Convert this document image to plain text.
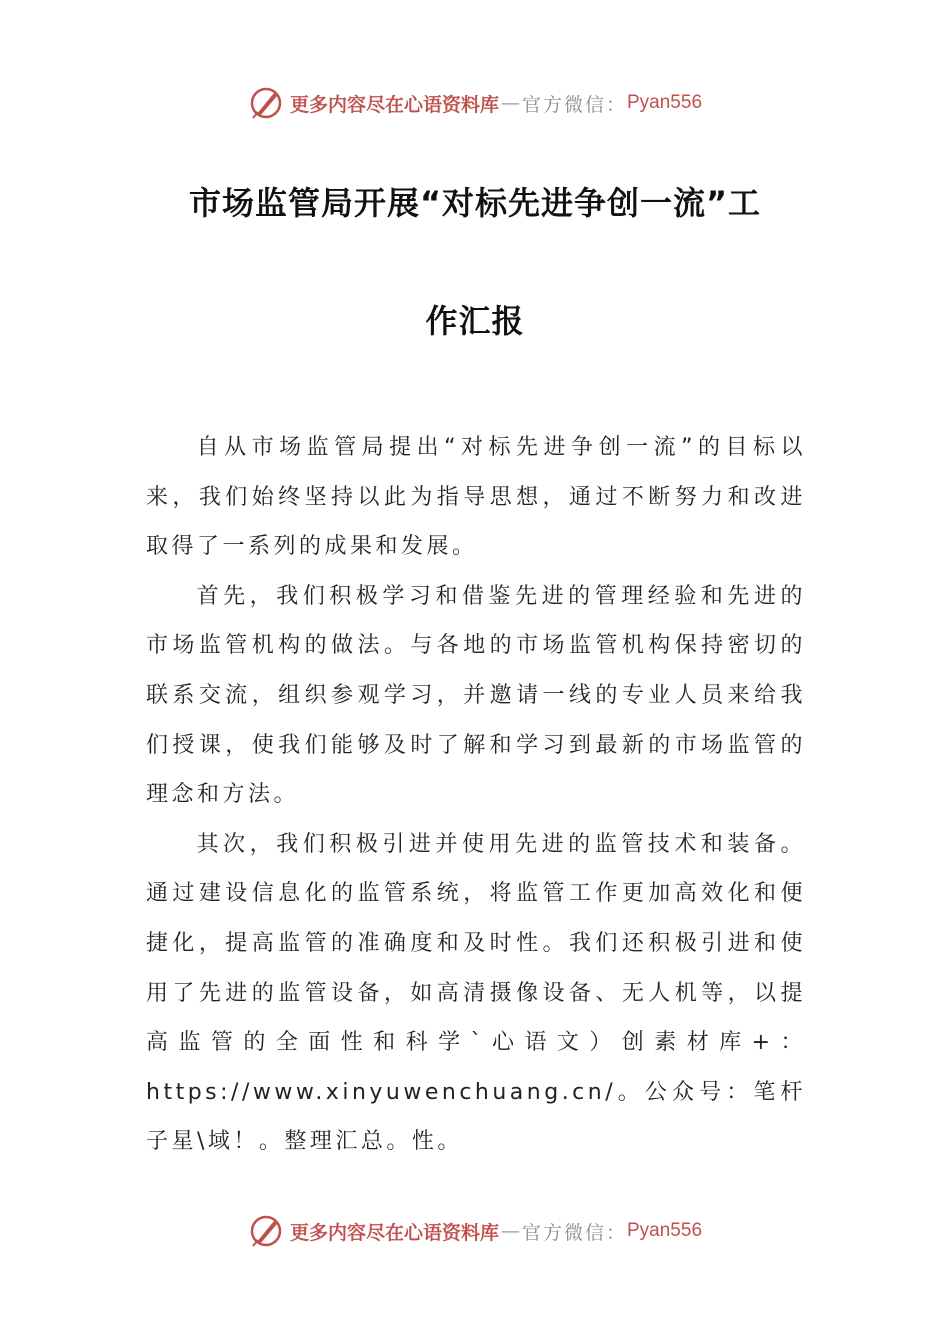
更多内容尽在心语资料库 — 官方微信： Pyan556
市场监管局开展“对标先进争创一流”工
作汇报

自从市场监管局提出“对标先进争创一流”的目标以来，我们始终坚持以此为指导思想，通过不断努力和改进取得了一系列的成果和发展。

首先，我们积极学习和借鉴先进的管理经验和先进的市场监管机构的做法。与各地的市场监管机构保持密切的联系交流，组织参观学习，并邀请一线的专业人员来给我们授课，使我们能够及时了解和学习到最新的市场监管的理念和方法。

其次，我们积极引进并使用先进的监管技术和装备。通过建设信息化的监管系统，将监管工作更加高效化和便捷化，提高监管的准确度和及时性。我们还积极引进和使用了先进的监管设备，如高清摄像设备、无人机等，以提高监管的全面性和科学`心语文）创素材库+：https://www.xinyuwenchuang.cn/。公众号：笔杆子星\域！。整理汇总。性。

更多内容尽在心语资料库 — 官方微信： Pyan556
